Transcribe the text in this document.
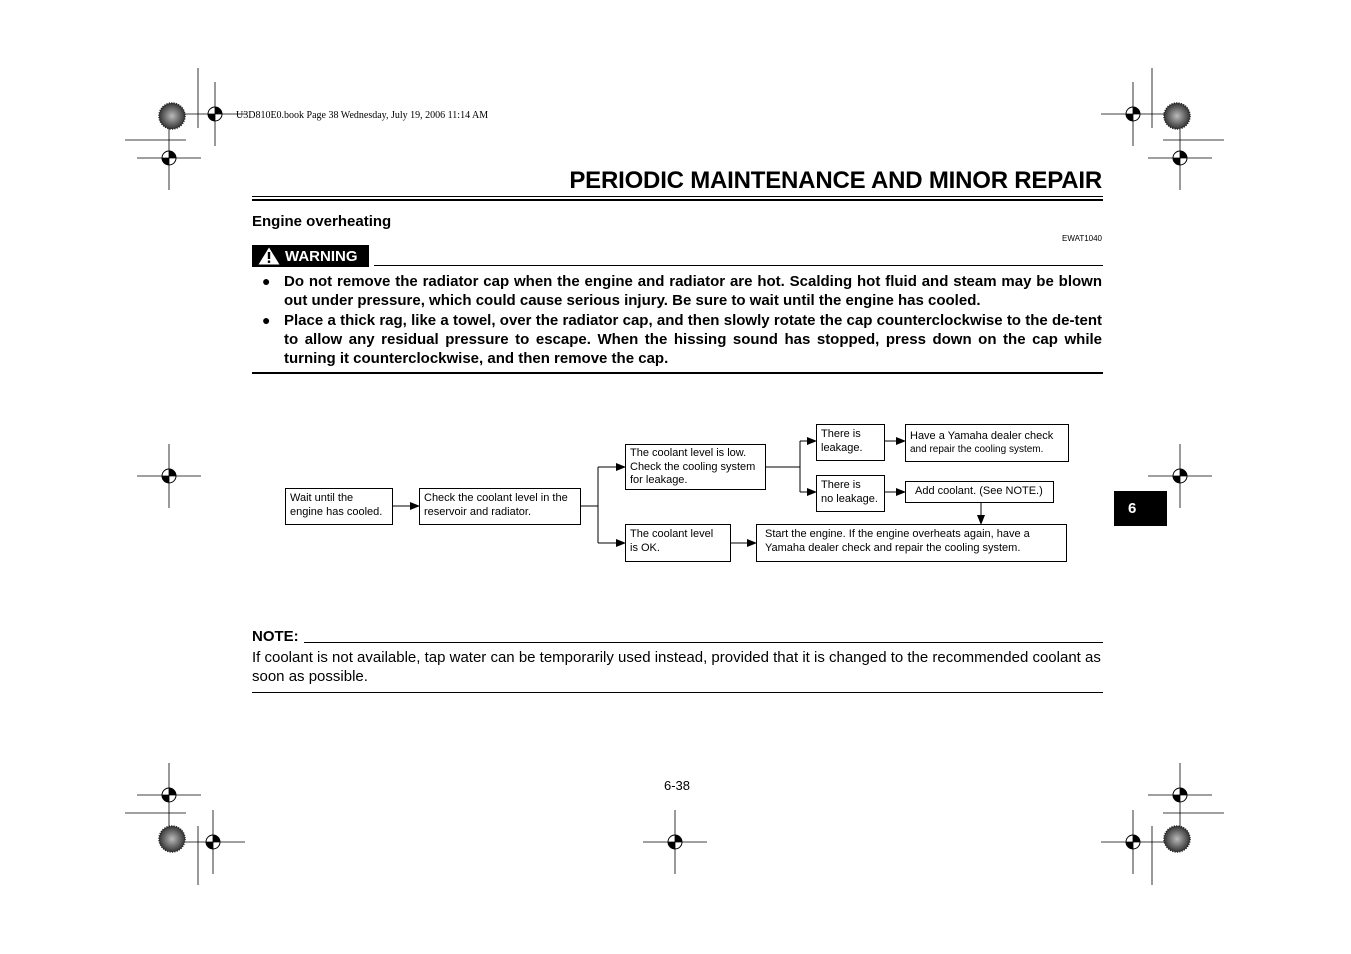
U3D810E0.book Page 38 Wednesday, July 19, 2006 11:14 AM
PERIODIC MAINTENANCE AND MINOR REPAIR
Engine overheating
EWAT1040
WARNING
● Do not remove the radiator cap when the engine and radiator are hot. Scalding hot fluid and steam may be blown out under pressure, which could cause serious injury. Be sure to wait until the engine has cooled.
● Place a thick rag, like a towel, over the radiator cap, and then slowly rotate the cap counterclockwise to the de-tent to allow any residual pressure to escape. When the hissing sound has stopped, press down on the cap while turning it counterclockwise, and then remove the cap.
Wait until the
engine has cooled.
Check the coolant level in the
reservoir and radiator.
The coolant level is low.
Check the cooling system
for leakage.
The coolant level
is OK.
There is
leakage.
There is
no leakage.
Have a Yamaha dealer check
and repair the cooling system.
Add coolant. (See NOTE.)
Start the engine. If the engine overheats again, have a
Yamaha dealer check and repair the cooling system.
NOTE:
If coolant is not available, tap water can be temporarily used instead, provided that it is changed to the recommended coolant as soon as possible.
6
6-38
